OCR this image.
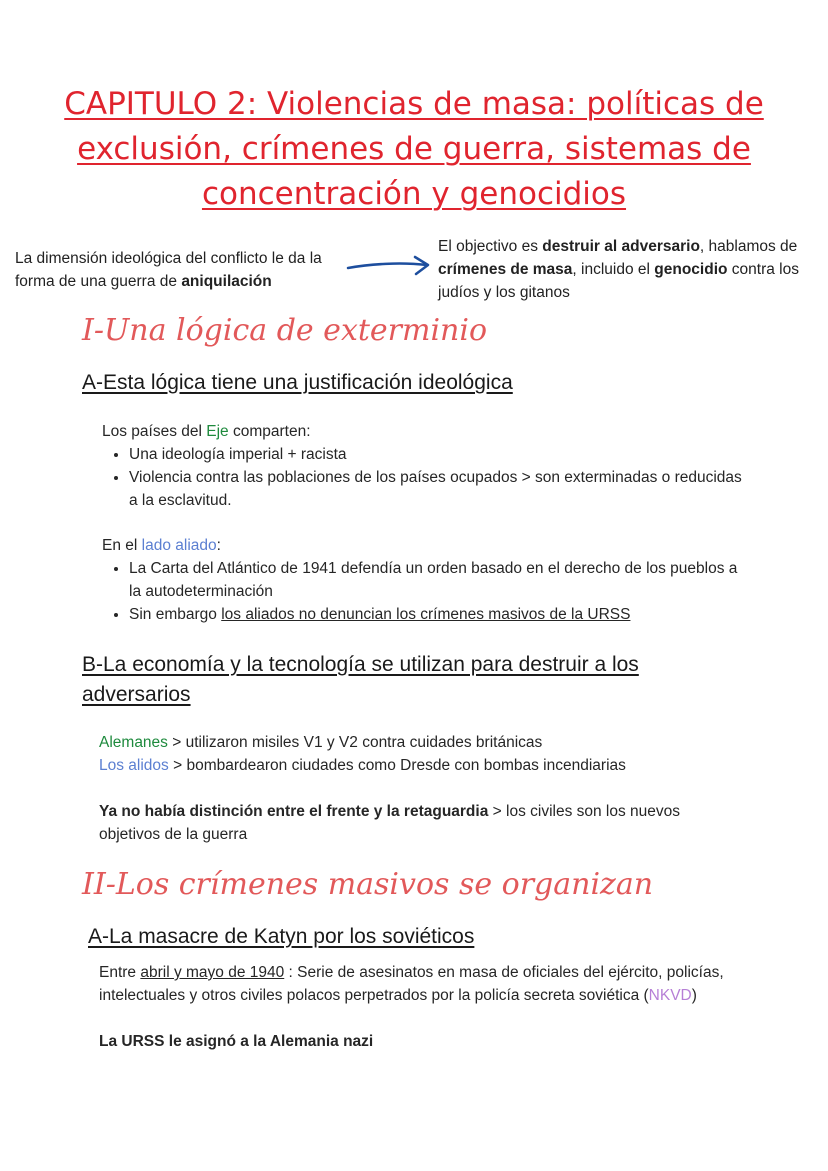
CAPITULO 2: Violencias de masa: políticas de exclusión, crímenes de guerra, sistemas de concentración y genocidios
La dimensión ideológica del conflicto le da la forma de una guerra de aniquilación
El objectivo es destruir al adversario, hablamos de crímenes de masa, incluido el genocidio contra los judíos y los gitanos
I-Una lógica de exterminio
A-Esta lógica tiene una justificación ideológica
Los países del Eje comparten:
• Una ideología imperial + racista
• Violencia contra las poblaciones de los países ocupados > son exterminadas o reducidas a la esclavitud.
En el lado aliado:
• La Carta del Atlántico de 1941 defendía un orden basado en el derecho de los pueblos a la autodeterminación
• Sin embargo los aliados no denuncian los crímenes masivos de la URSS
B-La economía y la tecnología se utilizan para destruir a los adversarios
Alemanes > utilizaron misiles V1 y V2 contra cuidades británicas
Los alidos > bombardearon ciudades como Dresde con bombas incendiarias
Ya no había distinción entre el frente y la retaguardia > los civiles son los nuevos objetivos de la guerra
II-Los crímenes masivos se organizan
A-La masacre de Katyn por los soviéticos
Entre abril y mayo de 1940 : Serie de asesinatos en masa de oficiales del ejército, policías, intelectuales y otros civiles polacos perpetrados por la policía secreta soviética (NKVD)
La URSS le asignó a la Alemania nazi
